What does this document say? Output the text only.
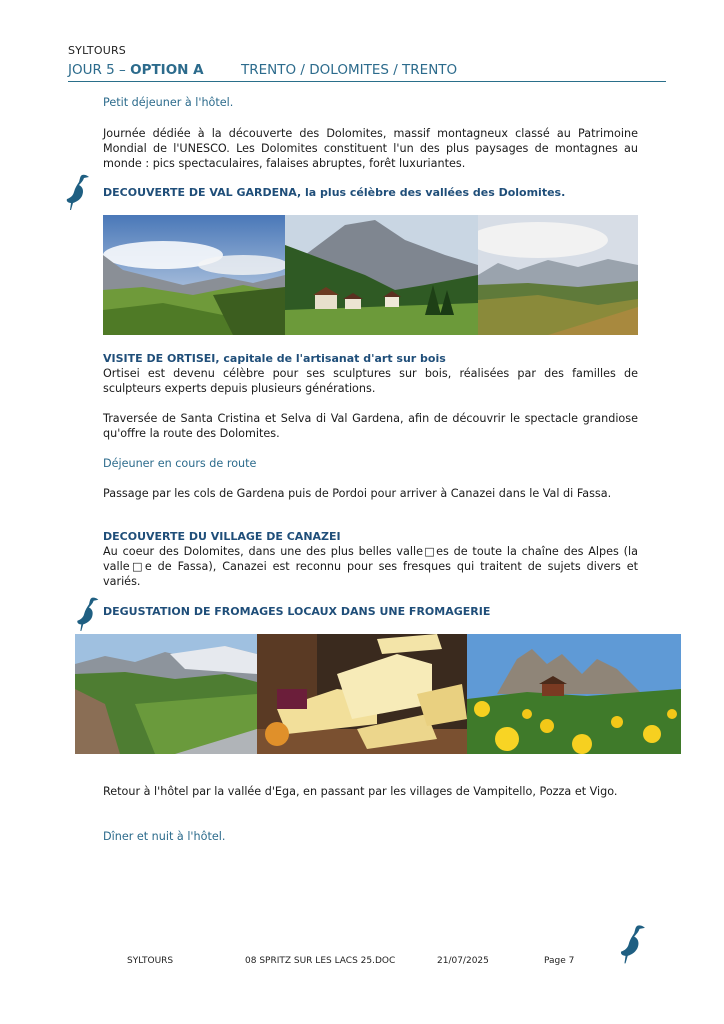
SYLTOURS
JOUR 5 – OPTION A	TRENTO / DOLOMITES / TRENTO
Petit déjeuner à l'hôtel.
Journée dédiée à la découverte des Dolomites, massif montagneux classé au Patrimoine Mondial de l'UNESCO. Les Dolomites constituent l'un des plus paysages de montagnes au monde : pics spectaculaires, falaises abruptes, forêt luxuriantes.
DECOUVERTE DE VAL GARDENA, la plus célèbre des vallées des Dolomites.
VISITE DE ORTISEI, capitale de l'artisanat d'art sur bois
Ortisei est devenu célèbre pour ses sculptures sur bois, réalisées par des familles de sculpteurs experts depuis plusieurs générations.
Traversée de Santa Cristina et Selva di Val Gardena, afin de découvrir le spectacle grandiose qu'offre la route des Dolomites.
Déjeuner en cours de route
Passage par les cols de Gardena puis de Pordoi pour arriver à Canazei dans le Val di Fassa.
DECOUVERTE DU VILLAGE DE CANAZEI
Au coeur des Dolomites, dans une des plus belles valle□es de toute la chaîne des Alpes (la valle□e de Fassa), Canazei est reconnu pour ses fresques qui traitent de sujets divers et variés.
DEGUSTATION DE FROMAGES LOCAUX DANS UNE FROMAGERIE
Retour à l'hôtel par la vallée d'Ega, en passant par les villages de Vampitello, Pozza et Vigo.
Dîner et nuit à l'hôtel.
SYLTOURS	08 SPRITZ SUR LES LACS 25.DOC	21/07/2025	Page 7
